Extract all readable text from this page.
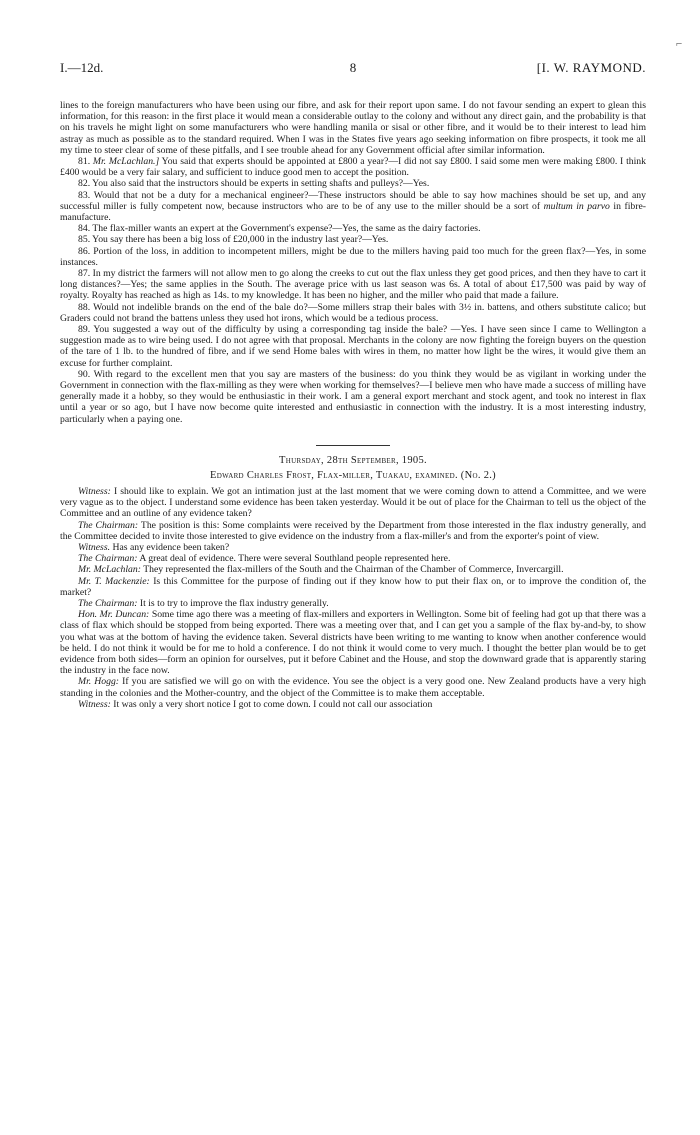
⌐
I.—12d.	8	[I. W. RAYMOND.

lines to the foreign manufacturers who have been using our fibre, and ask for their report upon same. I do not favour sending an expert to glean this information, for this reason: in the first place it would mean a considerable outlay to the colony and without any direct gain, and the probability is that on his travels he might light on some manufacturers who were handling manila or sisal or other fibre, and it would be to their interest to lead him astray as much as possible as to the standard required. When I was in the States five years ago seeking information on fibre prospects, it took me all my time to steer clear of some of these pitfalls, and I see trouble ahead for any Government official after similar information.

81. Mr. McLachlan.] You said that experts should be appointed at £800 a year?—I did not say £800. I said some men were making £800. I think £400 would be a very fair salary, and sufficient to induce good men to accept the position.

82. You also said that the instructors should be experts in setting shafts and pulleys?—Yes.

83. Would that not be a duty for a mechanical engineer?—These instructors should be able to say how machines should be set up, and any successful miller is fully competent now, because instructors who are to be of any use to the miller should be a sort of multum in parvo in fibre-manufacture.

84. The flax-miller wants an expert at the Government's expense?—Yes, the same as the dairy factories.

85. You say there has been a big loss of £20,000 in the industry last year?—Yes.

86. Portion of the loss, in addition to incompetent millers, might be due to the millers having paid too much for the green flax?—Yes, in some instances.

87. In my district the farmers will not allow men to go along the creeks to cut out the flax unless they get good prices, and then they have to cart it long distances?—Yes; the same applies in the South. The average price with us last season was 6s. A total of about £17,500 was paid by way of royalty. Royalty has reached as high as 14s. to my knowledge. It has been no higher, and the miller who paid that made a failure.

88. Would not indelible brands on the end of the bale do?—Some millers strap their bales with 3½ in. battens, and others substitute calico; but Graders could not brand the battens unless they used hot irons, which would be a tedious process.

89. You suggested a way out of the difficulty by using a corresponding tag inside the bale? —Yes. I have seen since I came to Wellington a suggestion made as to wire being used. I do not agree with that proposal. Merchants in the colony are now fighting the foreign buyers on the question of the tare of 1 lb. to the hundred of fibre, and if we send Home bales with wires in them, no matter how light be the wires, it would give them an excuse for further complaint.

90. With regard to the excellent men that you say are masters of the business: do you think they would be as vigilant in working under the Government in connection with the flax-milling as they were when working for themselves?—I believe men who have made a success of milling have generally made it a hobby, so they would be enthusiastic in their work. I am a general export merchant and stock agent, and took no interest in flax until a year or so ago, but I have now become quite interested and enthusiastic in connection with the industry. It is a most interesting industry, particularly when a paying one.

Thursday, 28th September, 1905.
Edward Charles Frost, Flax-miller, Tuakau, examined. (No. 2.)

Witness: I should like to explain. We got an intimation just at the last moment that we were coming down to attend a Committee, and we were very vague as to the object. I understand some evidence has been taken yesterday. Would it be out of place for the Chairman to tell us the object of the Committee and an outline of any evidence taken?

The Chairman: The position is this: Some complaints were received by the Department from those interested in the flax industry generally, and the Committee decided to invite those interested to give evidence on the industry from a flax-miller's and from the exporter's point of view.

Witness. Has any evidence been taken?

The Chairman: A great deal of evidence. There were several Southland people represented here.

Mr. McLachlan: They represented the flax-millers of the South and the Chairman of the Chamber of Commerce, Invercargill.

Mr. T. Mackenzie: Is this Committee for the purpose of finding out if they know how to put their flax on, or to improve the condition of, the market?

The Chairman: It is to try to improve the flax industry generally.

Hon. Mr. Duncan: Some time ago there was a meeting of flax-millers and exporters in Wellington. Some bit of feeling had got up that there was a class of flax which should be stopped from being exported. There was a meeting over that, and I can get you a sample of the flax by-and-by, to show you what was at the bottom of having the evidence taken. Several districts have been writing to me wanting to know when another conference would be held. I do not think it would be for me to hold a conference. I do not think it would come to very much. I thought the better plan would be to get evidence from both sides—form an opinion for ourselves, put it before Cabinet and the House, and stop the downward grade that is apparently staring the industry in the face now.

Mr. Hogg: If you are satisfied we will go on with the evidence. You see the object is a very good one. New Zealand products have a very high standing in the colonies and the Mother-country, and the object of the Committee is to make them acceptable.

Witness: It was only a very short notice I got to come down. I could not call our association
